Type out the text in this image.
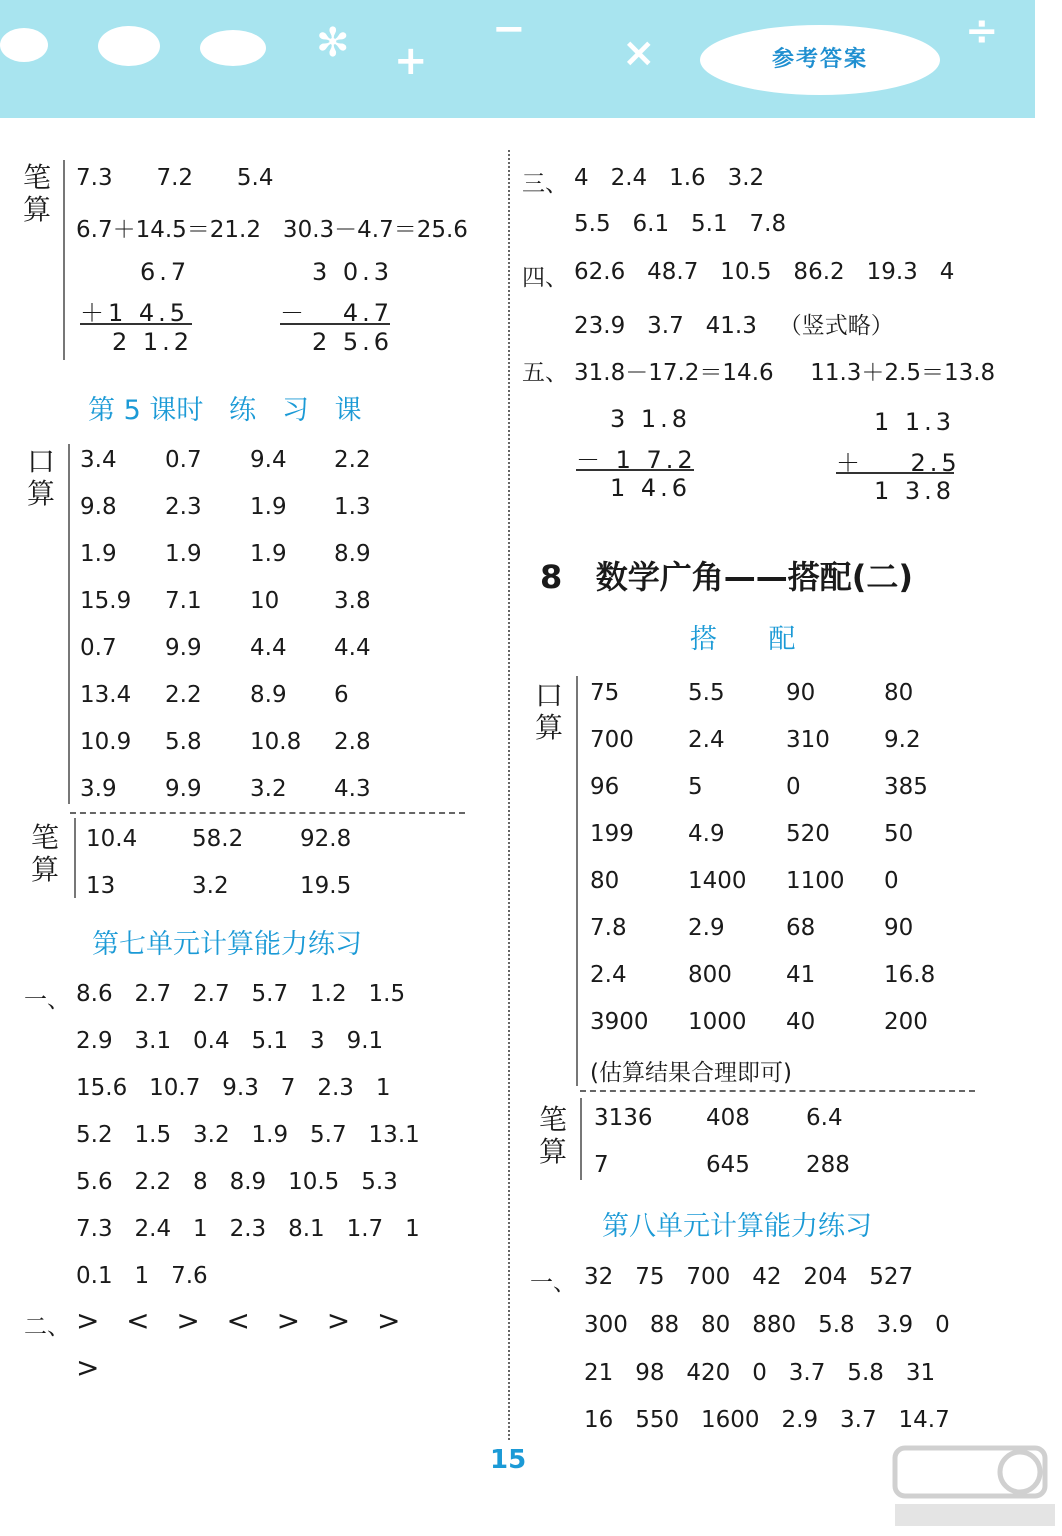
✻ +
−
×	÷
参考答案
笔算
7.3      7.2      5.4
6.7＋14.5＝21.2   30.3－4.7＝25.6
6.7
＋1 4.5
2 1.2
3 0.3
－   4.7
2 5.6
第 5 课时   练   习   课
口算
3.4 0.7 9.4 2.2
9.8 2.3 1.9 1.3
1.9 1.9 1.9 8.9
15.9 7.1 10 3.8
0.7 9.9 4.4 4.4
13.4 2.2 8.9 6
10.9 5.8 10.8 2.8
3.9 9.9 3.2 4.3
笔算
10.4 58.2 92.8
13	3.2	19.5
第七单元计算能力练习
一、 8.6   2.7   2.7   5.7   1.2   1.5
2.9   3.1   0.4   5.1   3   9.1
15.6   10.7   9.3   7   2.3   1
5.2   1.5   3.2   1.9   5.7   13.1
5.6   2.2   8   8.9   10.5   5.3
7.3   2.4   1   2.3   8.1   1.7   1
0.1   1   7.6
二、 >   <   >   <   >   >   >
>
三、 4   2.4   1.6   3.2
5.5   6.1   5.1   7.8
四、 62.6   48.7   10.5   86.2   19.3   4
23.9   3.7   41.3   （竖式略）
五、 31.8－17.2＝14.6     11.3＋2.5＝13.8
3 1.8
－ 1 7.2
1 4.6
1 1.3
＋    2.5
1 3.8
8   数学广角——搭配(二)
搭      配
口算
75	5.5	90	80
700 2.4	310 9.2
96	5	0	385
199 4.9	520 50
80	1400 1100 0
7.8	2.9	68	90
2.4	800 41	16.8
3900 1000 40	200
(估算结果合理即可)
笔算
3136 408 6.4
7	645 288
第八单元计算能力练习
一、 32   75   700   42   204   527
300   88   80   880   5.8   3.9   0
21   98   420   0   3.7   5.8   31
16   550   1600   2.9   3.7   14.7
15
